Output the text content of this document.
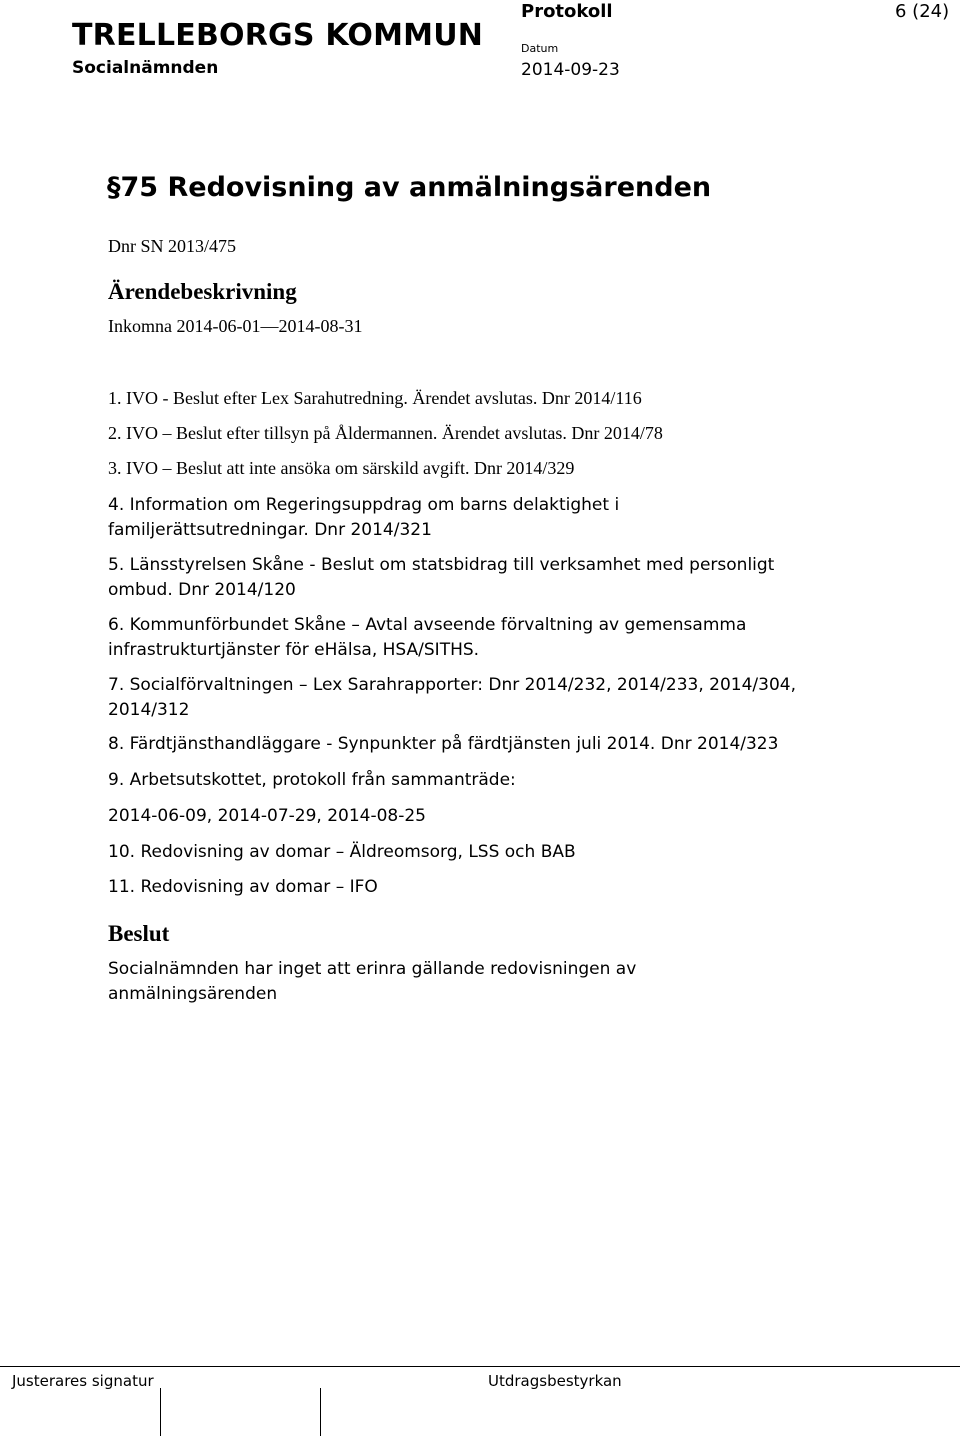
TRELLEBORGS KOMMUN
Socialnämnden
Protokoll	6 (24)
Datum
2014-09-23
§75 Redovisning av anmälningsärenden
Dnr SN 2013/475
Ärendebeskrivning
Inkomna 2014-06-01—2014-08-31
1. IVO - Beslut efter Lex Sarahutredning. Ärendet avslutas. Dnr 2014/116
2. IVO – Beslut efter tillsyn på Åldermannen. Ärendet avslutas. Dnr 2014/78
3. IVO – Beslut att inte ansöka om särskild avgift. Dnr 2014/329
4. Information om Regeringsuppdrag om barns delaktighet i familjerättsutredningar. Dnr 2014/321
5. Länsstyrelsen Skåne - Beslut om statsbidrag till verksamhet med personligt ombud. Dnr 2014/120
6. Kommunförbundet Skåne – Avtal avseende förvaltning av gemensamma infrastrukturtjänster för eHälsa, HSA/SITHS.
7. Socialförvaltningen – Lex Sarahrapporter: Dnr 2014/232, 2014/233, 2014/304, 2014/312
8. Färdtjänsthandläggare - Synpunkter på färdtjänsten juli 2014. Dnr 2014/323
9. Arbetsutskottet, protokoll från sammanträde:
2014-06-09, 2014-07-29, 2014-08-25
10. Redovisning av domar – Äldreomsorg, LSS och BAB
11. Redovisning av domar – IFO
Beslut
Socialnämnden har inget att erinra gällande redovisningen av anmälningsärenden
Justerares signatur	Utdragsbestyrkan
